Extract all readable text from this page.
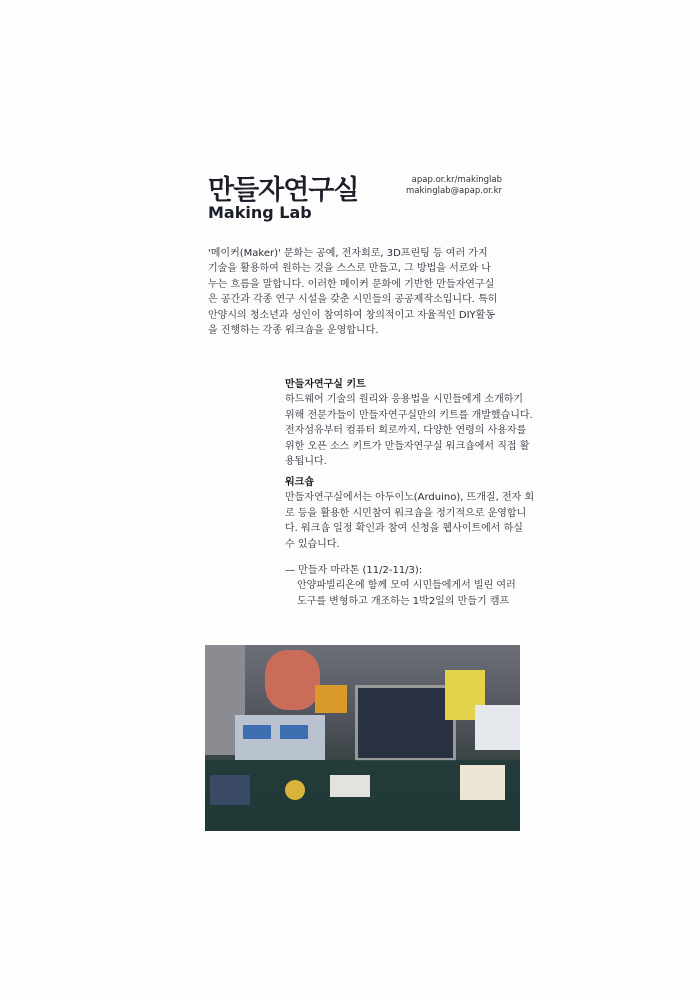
만들자연구실
Making Lab
apap.or.kr/makinglab
makinglab@apap.or.kr

'메이커(Maker)' 문화는 공예, 전자회로, 3D프린팅 등 여러 가지 기술을 활용하여 원하는 것을 스스로 만들고, 그 방법을 서로와 나누는 흐름을 말합니다. 이러한 메이커 문화에 기반한 만들자연구실은 공간과 각종 연구 시설을 갖춘 시민들의 공공제작소입니다. 특히 안양시의 청소년과 성인이 참여하여 창의적이고 자율적인 DIY활동을 진행하는 각종 워크숍을 운영합니다.

만들자연구실 키트

하드웨어 기술의 원리와 응용법을 시민들에게 소개하기 위해 전문가들이 만들자연구실만의 키트를 개발했습니다. 전자섬유부터 컴퓨터 회로까지, 다양한 연령의 사용자를 위한 오픈 소스 키트가 만들자연구실 워크숍에서 직접 활용됩니다.

워크숍

만들자연구실에서는 아두이노(Arduino), 뜨개질, 전자 회로 등을 활용한 시민참여 워크숍을 정기적으로 운영합니다. 워크숍 일정 확인과 참여 신청을 웹사이트에서 하실 수 있습니다.

— 만들자 마라톤 (11/2-11/3):
안양파빌리온에 함께 모여 시민들에게서 빌린 여러 도구를 변형하고 개조하는 1박2일의 만들기 캠프
